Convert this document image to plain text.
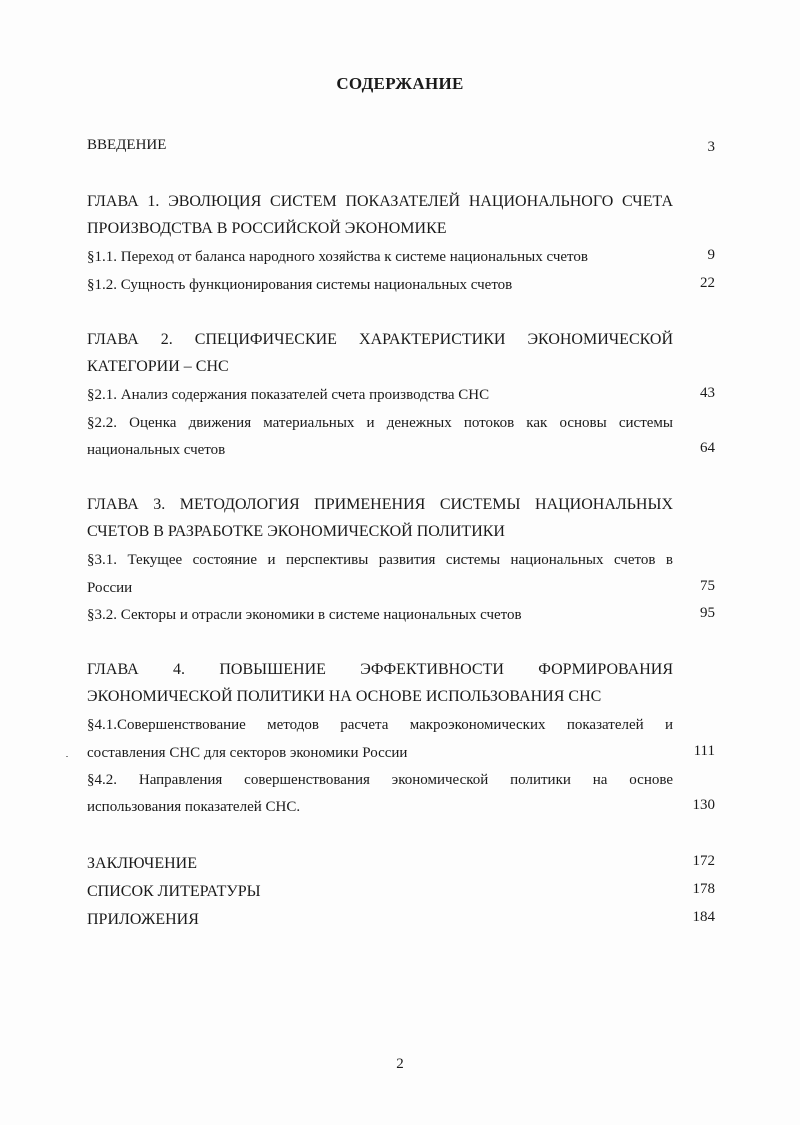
СОДЕРЖАНИЕ
ВВЕДЕНИЕ	3
ГЛАВА 1. ЭВОЛЮЦИЯ СИСТЕМ ПОКАЗАТЕЛЕЙ НАЦИОНАЛЬНОГО СЧЕТА
ПРОИЗВОДСТВА В РОССИЙСКОЙ ЭКОНОМИКЕ
§1.1. Переход от баланса народного хозяйства к системе национальных счетов	9
§1.2. Сущность функционирования системы национальных счетов	22
ГЛАВА 2. СПЕЦИФИЧЕСКИЕ ХАРАКТЕРИСТИКИ ЭКОНОМИЧЕСКОЙ
КАТЕГОРИИ – СНС
§2.1. Анализ содержания показателей счета производства СНС	43
§2.2. Оценка движения материальных и денежных потоков как основы системы
национальных счетов	64
ГЛАВА 3. МЕТОДОЛОГИЯ ПРИМЕНЕНИЯ СИСТЕМЫ НАЦИОНАЛЬНЫХ
СЧЕТОВ В РАЗРАБОТКЕ ЭКОНОМИЧЕСКОЙ ПОЛИТИКИ
§3.1. Текущее состояние и перспективы развития системы национальных счетов в
России	75
§3.2. Секторы и отрасли экономики в системе национальных счетов	95
ГЛАВА 4. ПОВЫШЕНИЕ ЭФФЕКТИВНОСТИ ФОРМИРОВАНИЯ
ЭКОНОМИЧЕСКОЙ ПОЛИТИКИ НА ОСНОВЕ ИСПОЛЬЗОВАНИЯ СНС
§4.1.Совершенствование методов расчета макроэкономических показателей и
составления СНС для секторов экономики России	111
§4.2. Направления совершенствования экономической политики на основе
использования показателей СНС.	130
ЗАКЛЮЧЕНИЕ	172
СПИСОК ЛИТЕРАТУРЫ	178
ПРИЛОЖЕНИЯ	184
2
